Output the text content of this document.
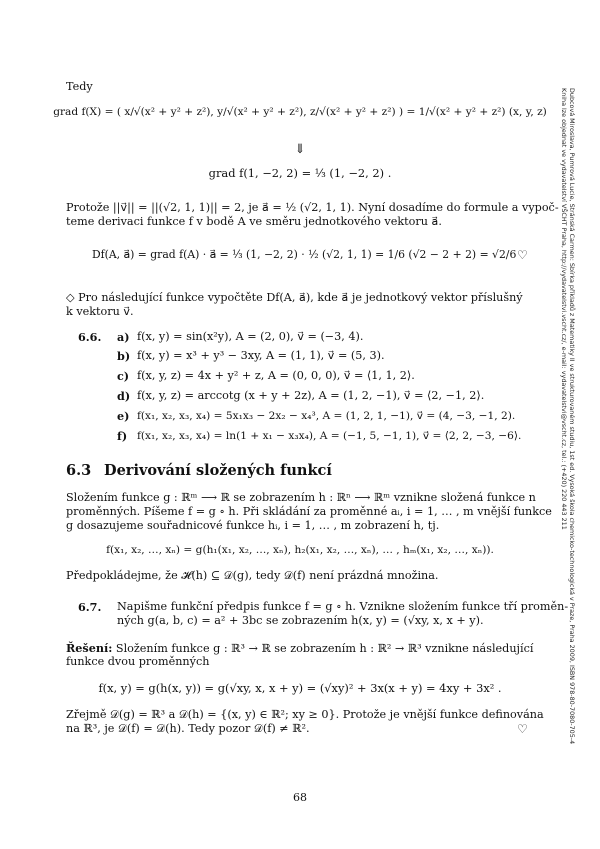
Dubcová Miroslava, Pumrová Lucie, Stránská Carmen: Sbírka příkladů z Matematiky II ve strukturovaném studiu, 1st ed. Vysoká škola chemicko-technologická v Praze, Praha 2009, ISBN 978-80-7080-705-4
Kniha lze objednat ve vydavatelství VŠCHT Praha, http://vydavatelstvi.vscht.cz/, e-mail: vydavatelstvi@vscht.cz, tel.: (+420) 220 443 211
Tedy
grad f(X) = ( x/√(x² + y² + z²), y/√(x² + y² + z²), z/√(x² + y² + z²) ) = 1/√(x² + y² + z²) (x, y, z)
⇓
grad f(1, −2, 2) = ⅓ (1, −2, 2) .
Protože ||v⃗|| = ||(√2, 1, 1)|| = 2, je a⃗ = ½ (√2, 1, 1). Nyní dosadíme do formule a vypoč-
teme derivaci funkce f v bodě A ve směru jednotkového vektoru a⃗.
Df(A, a⃗) = grad f(A) · a⃗ = ⅓ (1, −2, 2) · ½ (√2, 1, 1) = 1/6 (√2 − 2 + 2) = √2/6 ♡
◇ Pro následující funkce vypočtěte Df(A, a⃗), kde a⃗ je jednotkový vektor příslušný
k vektoru v⃗.
6.6. a) f(x, y) = sin(x²y), A = (2, 0), v⃗ = (−3, 4).
b) f(x, y) = x³ + y³ − 3xy, A = (1, 1), v⃗ = (5, 3).
c) f(x, y, z) = 4x + y² + z, A = (0, 0, 0), v⃗ = ⟨1, 1, 2⟩.
d) f(x, y, z) = arccotg (x + y + 2z), A = (1, 2, −1), v⃗ = ⟨2, −1, 2⟩.
e) f(x₁, x₂, x₃, x₄) = 5x₁x₃ − 2x₂ − x₄³, A = (1, 2, 1, −1), v⃗ = (4, −3, −1, 2).
f) f(x₁, x₂, x₃, x₄) = ln(1 + x₁ − x₃x₄), A = (−1, 5, −1, 1), v⃗ = ⟨2, 2, −3, −6⟩.
6.3 Derivování složených funkcí
Složením funkce g : ℝᵐ ⟶ ℝ se zobrazením h : ℝⁿ ⟶ ℝᵐ vznikne složená funkce n
proměnných. Píšeme f = g ∘ h. Při skládání za proměnné aᵢ, i = 1, … , m vnější funkce
g dosazujeme souřadnicové funkce hᵢ, i = 1, … , m zobrazení h, tj.
f(x₁, x₂, …, xₙ) = g(h₁(x₁, x₂, …, xₙ), h₂(x₁, x₂, …, xₙ), … , hₘ(x₁, x₂, …, xₙ)).
Předpokládejme, že 𝓗(h) ⊆ 𝒟(g), tedy 𝒟(f) není prázdná množina.
6.7. Napišme funkční předpis funkce f = g ∘ h. Vznikne složením funkce tří proměn-
ných g(a, b, c) = a² + 3bc se zobrazením h(x, y) = (√xy, x, x + y).
Řešení: Složením funkce g : ℝ³ → ℝ se zobrazením h : ℝ² → ℝ³ vznikne následující
funkce dvou proměnných
f(x, y) = g(h(x, y)) = g(√xy, x, x + y) = (√xy)² + 3x(x + y) = 4xy + 3x² .
Zřejmě 𝒟(g) = ℝ³ a 𝒟(h) = {(x, y) ∈ ℝ²; xy ≥ 0}. Protože je vnější funkce definována
na ℝ³, je 𝒟(f) = 𝒟(h). Tedy pozor 𝒟(f) ≠ ℝ².	♡
68
